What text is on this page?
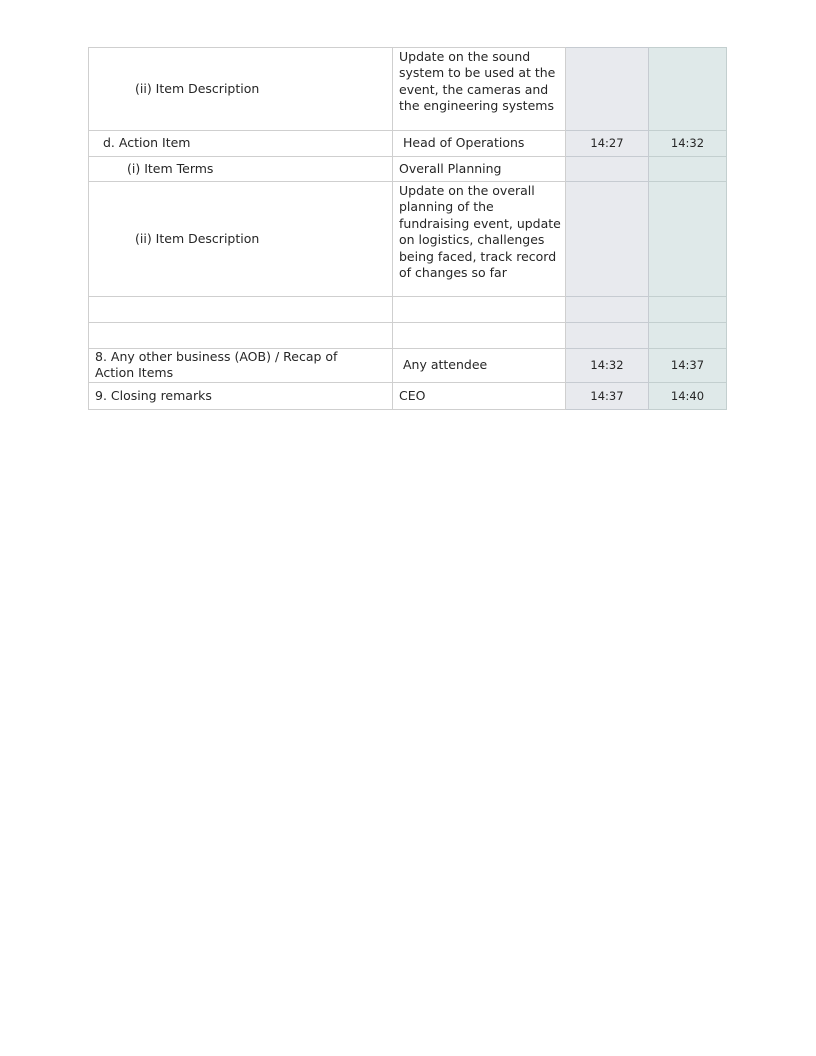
(ii) Item Description	Update on the sound system to be used at the event, the cameras and the engineering systems		
d. Action Item	Head of Operations	14:27	14:32
(i) Item Terms	Overall Planning		
(ii) Item Description	Update on the overall planning of the fundraising event, update on logistics, challenges being faced, track record of changes so far		

8. Any other business (AOB) / Recap of Action Items	Any attendee	14:32	14:37
9. Closing remarks	CEO	14:37	14:40
